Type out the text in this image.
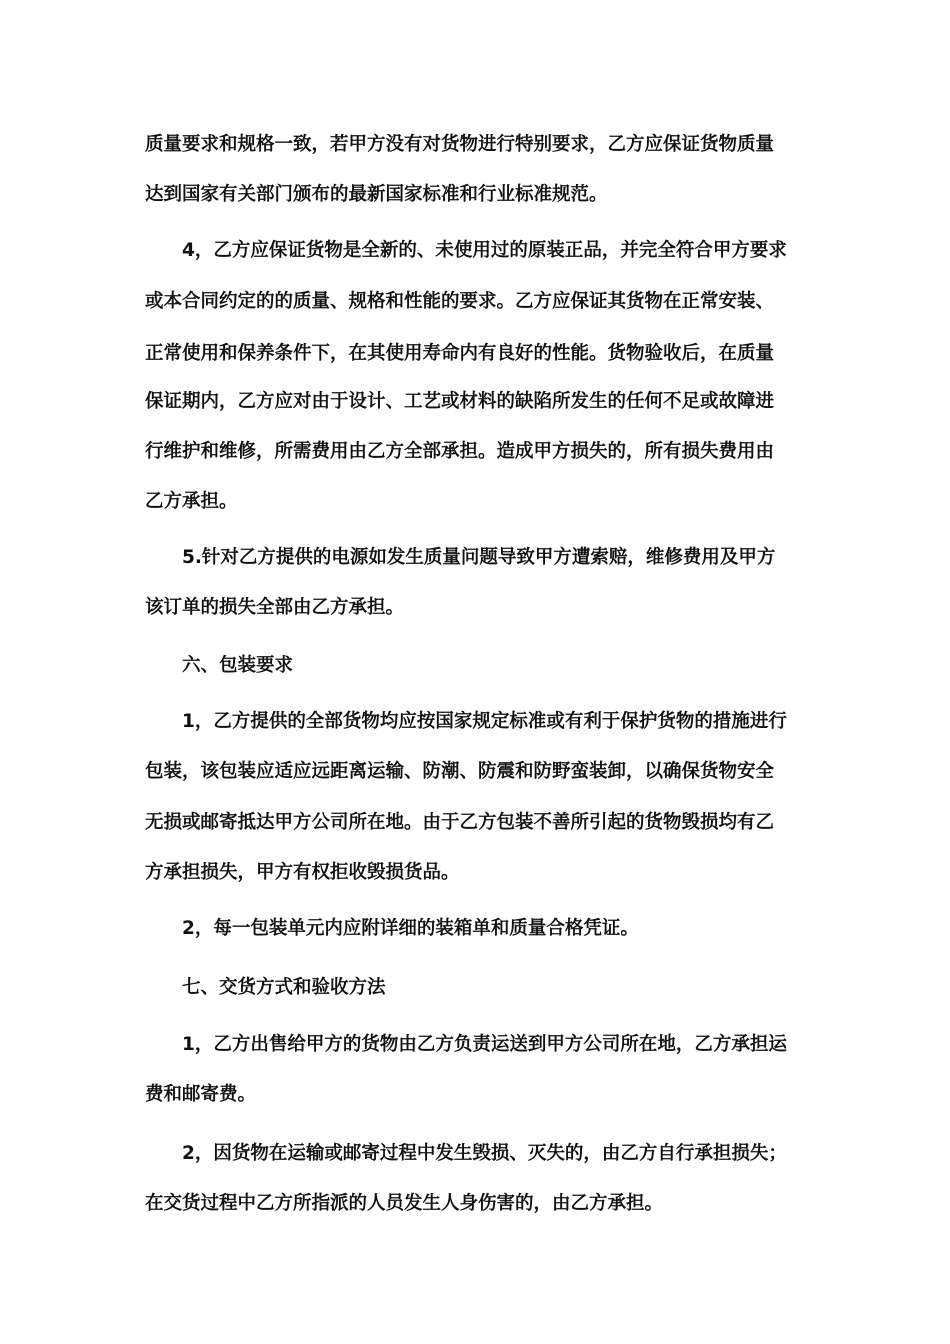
质量要求和规格一致，若甲方没有对货物进行特别要求，乙方应保证货物质量
达到国家有关部门颁布的最新国家标准和行业标准规范。
4，乙方应保证货物是全新的、未使用过的原装正品，并完全符合甲方要求
或本合同约定的的质量、规格和性能的要求。乙方应保证其货物在正常安装、
正常使用和保养条件下，在其使用寿命内有良好的性能。货物验收后，在质量
保证期内，乙方应对由于设计、工艺或材料的缺陷所发生的任何不足或故障进
行维护和维修，所需费用由乙方全部承担。造成甲方损失的，所有损失费用由
乙方承担。
5.针对乙方提供的电源如发生质量问题导致甲方遭索赔，维修费用及甲方
该订单的损失全部由乙方承担。
六、包装要求
1，乙方提供的全部货物均应按国家规定标准或有利于保护货物的措施进行
包装，该包装应适应远距离运输、防潮、防震和防野蛮装卸，以确保货物安全
无损或邮寄抵达甲方公司所在地。由于乙方包装不善所引起的货物毁损均有乙
方承担损失，甲方有权拒收毁损货品。
2，每一包装单元内应附详细的装箱单和质量合格凭证。
七、交货方式和验收方法
1，乙方出售给甲方的货物由乙方负责运送到甲方公司所在地，乙方承担运
费和邮寄费。
2，因货物在运输或邮寄过程中发生毁损、灭失的，由乙方自行承担损失；
在交货过程中乙方所指派的人员发生人身伤害的，由乙方承担。
